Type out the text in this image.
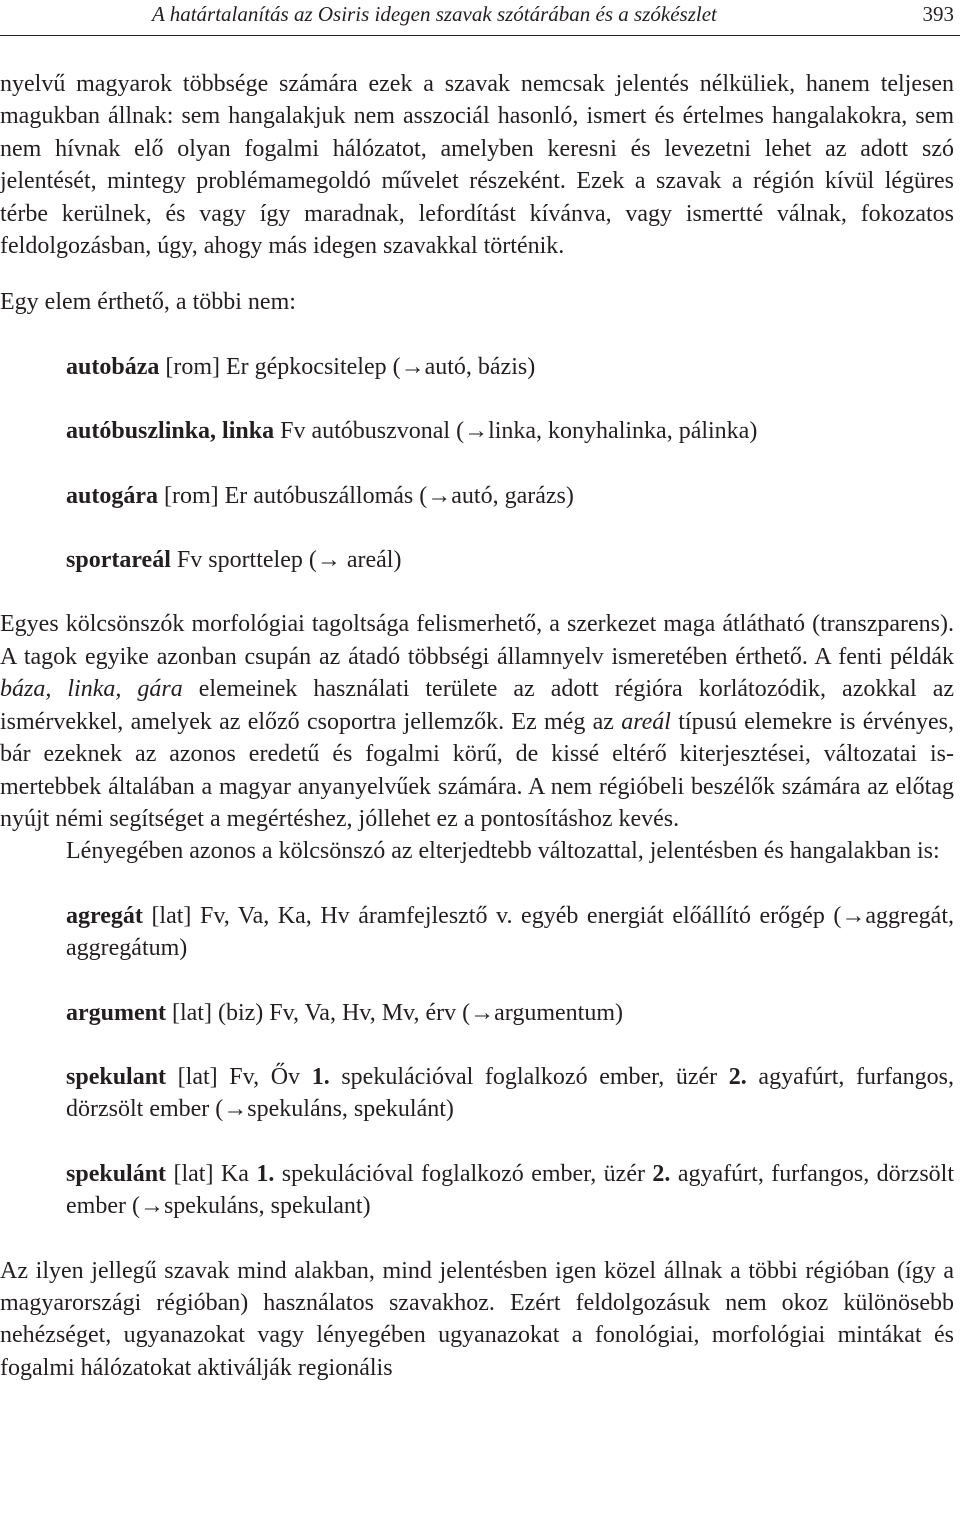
A határtalanítás az Osiris idegen szavak szótárában és a szókészlet	393

nyelvű magyarok többsége számára ezek a szavak nemcsak jelentés nélküliek, hanem teljesen magukban állnak: sem hangalakjuk nem asszociál hasonló, ismert és értelmes hangalakokra, sem nem hívnak elő olyan fogalmi hálózatot, amelyben keresni és levezetni lehet az adott szó jelentését, mintegy problémamegoldó művelet részeként. Ezek a szavak a régión kívül légüres térbe kerülnek, és vagy így maradnak, lefordítást kívánva, vagy ismertté válnak, fokozatos feldolgozásban, úgy, ahogy más idegen szavakkal történik.

Egy elem érthető, a többi nem:

autobáza [rom] Er gépkocsitelep (→autó, bázis)

autóbuszlinka, linka Fv autóbuszvonal (→linka, konyhalinka, pálinka)

autogára [rom] Er autóbuszállomás (→autó, garázs)

sportareál Fv sporttelep (→ areál)

Egyes kölcsönszók morfológiai tagoltsága felismerhető, a szerkezet maga átlátható (transzparens). A tagok egyike azonban csupán az átadó többségi államnyelv ismeretében érthető. A fenti példák báza, linka, gára elemeinek használati területe az adott régióra korlátozódik, azokkal az ismérvekkel, amelyek az előző csoportra jellemzők. Ez még az areál típusú elemekre is érvényes, bár ezeknek az azonos eredetű és fogalmi körű, de kissé eltérő kiterjesztései, változatai ismertebbek általában a magyar anyanyelvűek számára. A nem régióbeli beszélők számára az előtag nyújt némi segítséget a megértéshez, jóllehet ez a pontosításhoz kevés.

Lényegében azonos a kölcsönszó az elterjedtebb változattal, jelentésben és hangalakban is:

agregát [lat] Fv, Va, Ka, Hv áramfejlesztő v. egyéb energiát előállító erőgép (→aggregát, aggregátum)

argument [lat] (biz) Fv, Va, Hv, Mv, érv (→argumentum)

spekulant [lat] Fv, Őv 1. spekulációval foglalkozó ember, üzér 2. agyafúrt, furfangos, dörzsölt ember (→spekuláns, spekulánt)

spekulánt [lat] Ka 1. spekulációval foglalkozó ember, üzér 2. agyafúrt, furfangos, dörzsölt ember (→spekuláns, spekulant)

Az ilyen jellegű szavak mind alakban, mind jelentésben igen közel állnak a többi régióban (így a magyarországi régióban) használatos szavakhoz. Ezért feldolgozásuk nem okoz különösebb nehézséget, ugyanazokat vagy lényegében ugyanazokat a fonológiai, morfológiai mintákat és fogalmi hálózatokat aktiválják regionális
